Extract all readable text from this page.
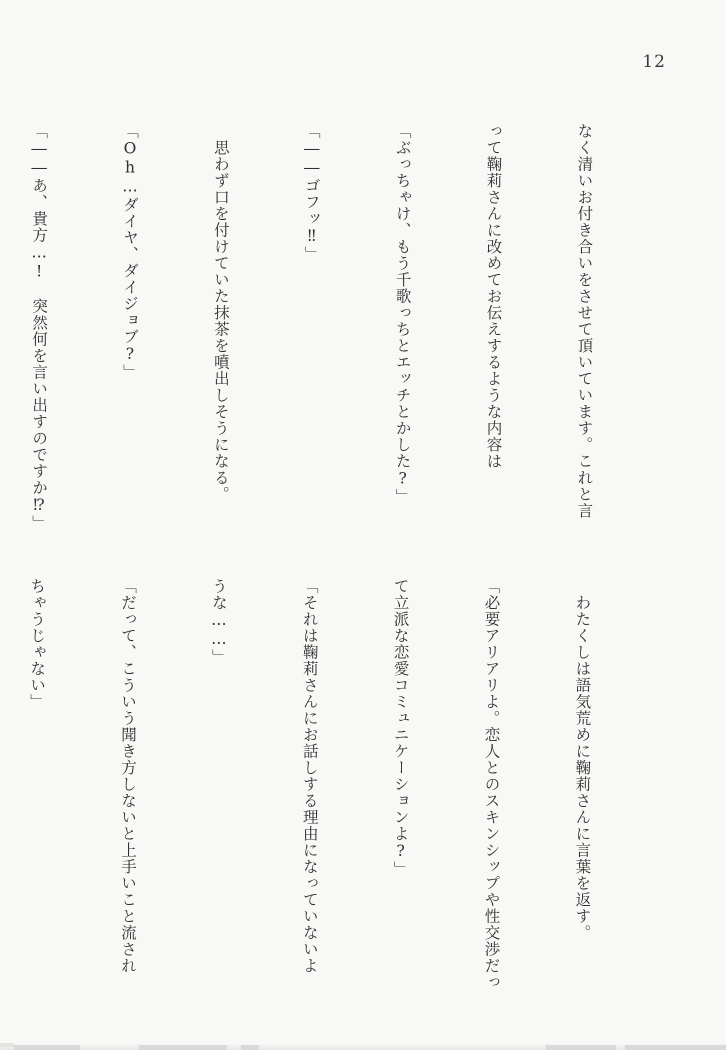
12

なく清いお付き合いをさせて頂いています。これと言

って鞠莉さんに改めてお伝えするような内容は

「ぶっちゃけ、もう千歌っちとエッチとかした?」

「――ゴフッ‼」

　思わず口を付けていた抹茶を噴出しそうになる。

「Oh…ダイヤ、ダイジョブ?」

「――あ、貴方…!　突然何を言い出すのですか⁉」

　わたくしは語気荒めに鞠莉さんに言葉を返す。

「必要アリアリよ。恋人とのスキンシップや性交渉だっ

て立派な恋愛コミュニケーションよ?」

「それは鞠莉さんにお話しする理由になっていないよ

うな……」

「だって、こういう聞き方しないと上手いこと流され

ちゃうじゃない」
